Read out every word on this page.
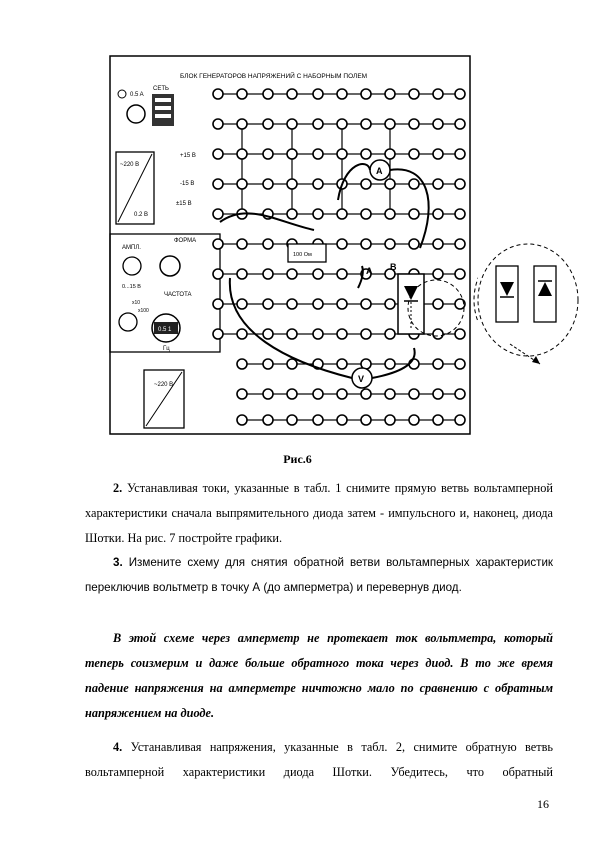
БЛОК ГЕНЕРАТОРОВ НАПРЯЖЕНИЙ С НАБОРНЫМ ПОЛЕМ
0.5 A
СЕТЬ
~220 В
0.2 В
+15 В
-15 В
±15 В
ФОРМА
АМПЛ.
0...15 В
ЧАСТОТА
x10
x100
0.5 1
Гц
~220 В
100 Ом
A
V
A B
Рис.6
2. Устанавливая токи, указанные в табл. 1 снимите прямую ветвь вольтамперной характеристики сначала выпрямительного диода затем - импульсного и, наконец, диода Шотки. На рис. 7 постройте графики.
3. Измените схему для снятия обратной ветви вольтамперных характеристик переключив вольтметр в точку А (до амперметра) и перевернув диод.
В этой схеме через амперметр не протекает ток вольтметра, который теперь соизмерим и даже больше обратного тока через диод. В то же время падение напряжения на амперметре ничтожно мало по сравнению с обратным напряжением на диоде.
4. Устанавливая напряжения, указанные в табл. 2, снимите обратную ветвь вольтамперной характеристики диода Шотки. Убедитесь, что обратный
16
